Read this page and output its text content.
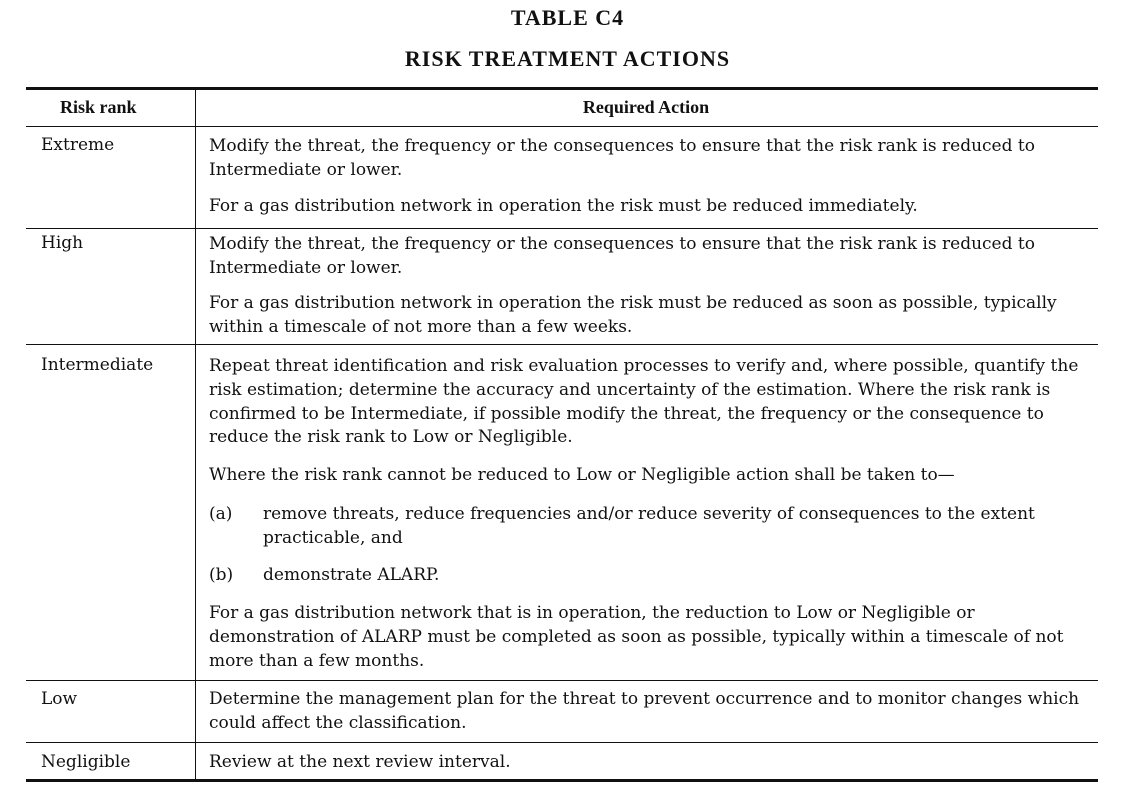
TABLE C4
RISK TREATMENT ACTIONS
Risk rank	Required Action
Extreme	Modify the threat, the frequency or the consequences to ensure that the risk rank is reduced to Intermediate or lower.
For a gas distribution network in operation the risk must be reduced immediately.
High	Modify the threat, the frequency or the consequences to ensure that the risk rank is reduced to Intermediate or lower.
For a gas distribution network in operation the risk must be reduced as soon as possible, typically within a timescale of not more than a few weeks.
Intermediate	Repeat threat identification and risk evaluation processes to verify and, where possible, quantify the risk estimation; determine the accuracy and uncertainty of the estimation. Where the risk rank is confirmed to be Intermediate, if possible modify the threat, the frequency or the consequence to reduce the risk rank to Low or Negligible.
Where the risk rank cannot be reduced to Low or Negligible action shall be taken to—
(a)	remove threats, reduce frequencies and/or reduce severity of consequences to the extent practicable, and
(b)	demonstrate ALARP.
For a gas distribution network that is in operation, the reduction to Low or Negligible or demonstration of ALARP must be completed as soon as possible, typically within a timescale of not more than a few months.
Low	Determine the management plan for the threat to prevent occurrence and to monitor changes which could affect the classification.
Negligible	Review at the next review interval.
